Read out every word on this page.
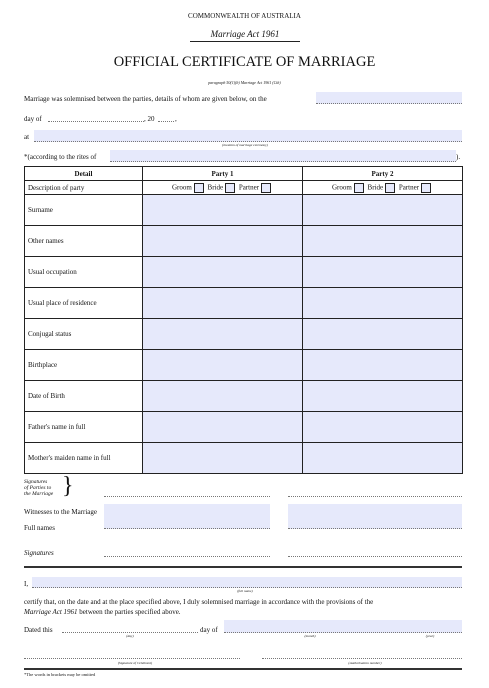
COMMONWEALTH OF AUSTRALIA
Marriage Act 1961
OFFICIAL CERTIFICATE OF MARRIAGE
paragraph 50(1)(b) Marriage Act 1961 (Cth)
Marriage was solemnised between the parties, details of whom are given below, on the
day of	, 20	,
at
(location of marriage ceremony)
*(according to the rites of	).
Detail	Party 1	Party 2
Description of party	Groom Bride Partner	Groom Bride Partner
Surname		
Other names		
Usual occupation		
Usual place of residence		
Conjugal status		
Birthplace		
Date of Birth		
Father's name in full		
Mother's maiden name in full		
Signatures
of Parties to
the Marriage }
Witnesses to the Marriage
Full names
Signatures
I,
(full name)
certify that, on the date and at the place specified above, I duly solemnised marriage in accordance with the provisions of the
Marriage Act 1961 between the parties specified above.
Dated this
(day)
day of
(month)	(year)
(Signature of Celebrant)	(Authorisation number)
*The words in brackets may be omitted
